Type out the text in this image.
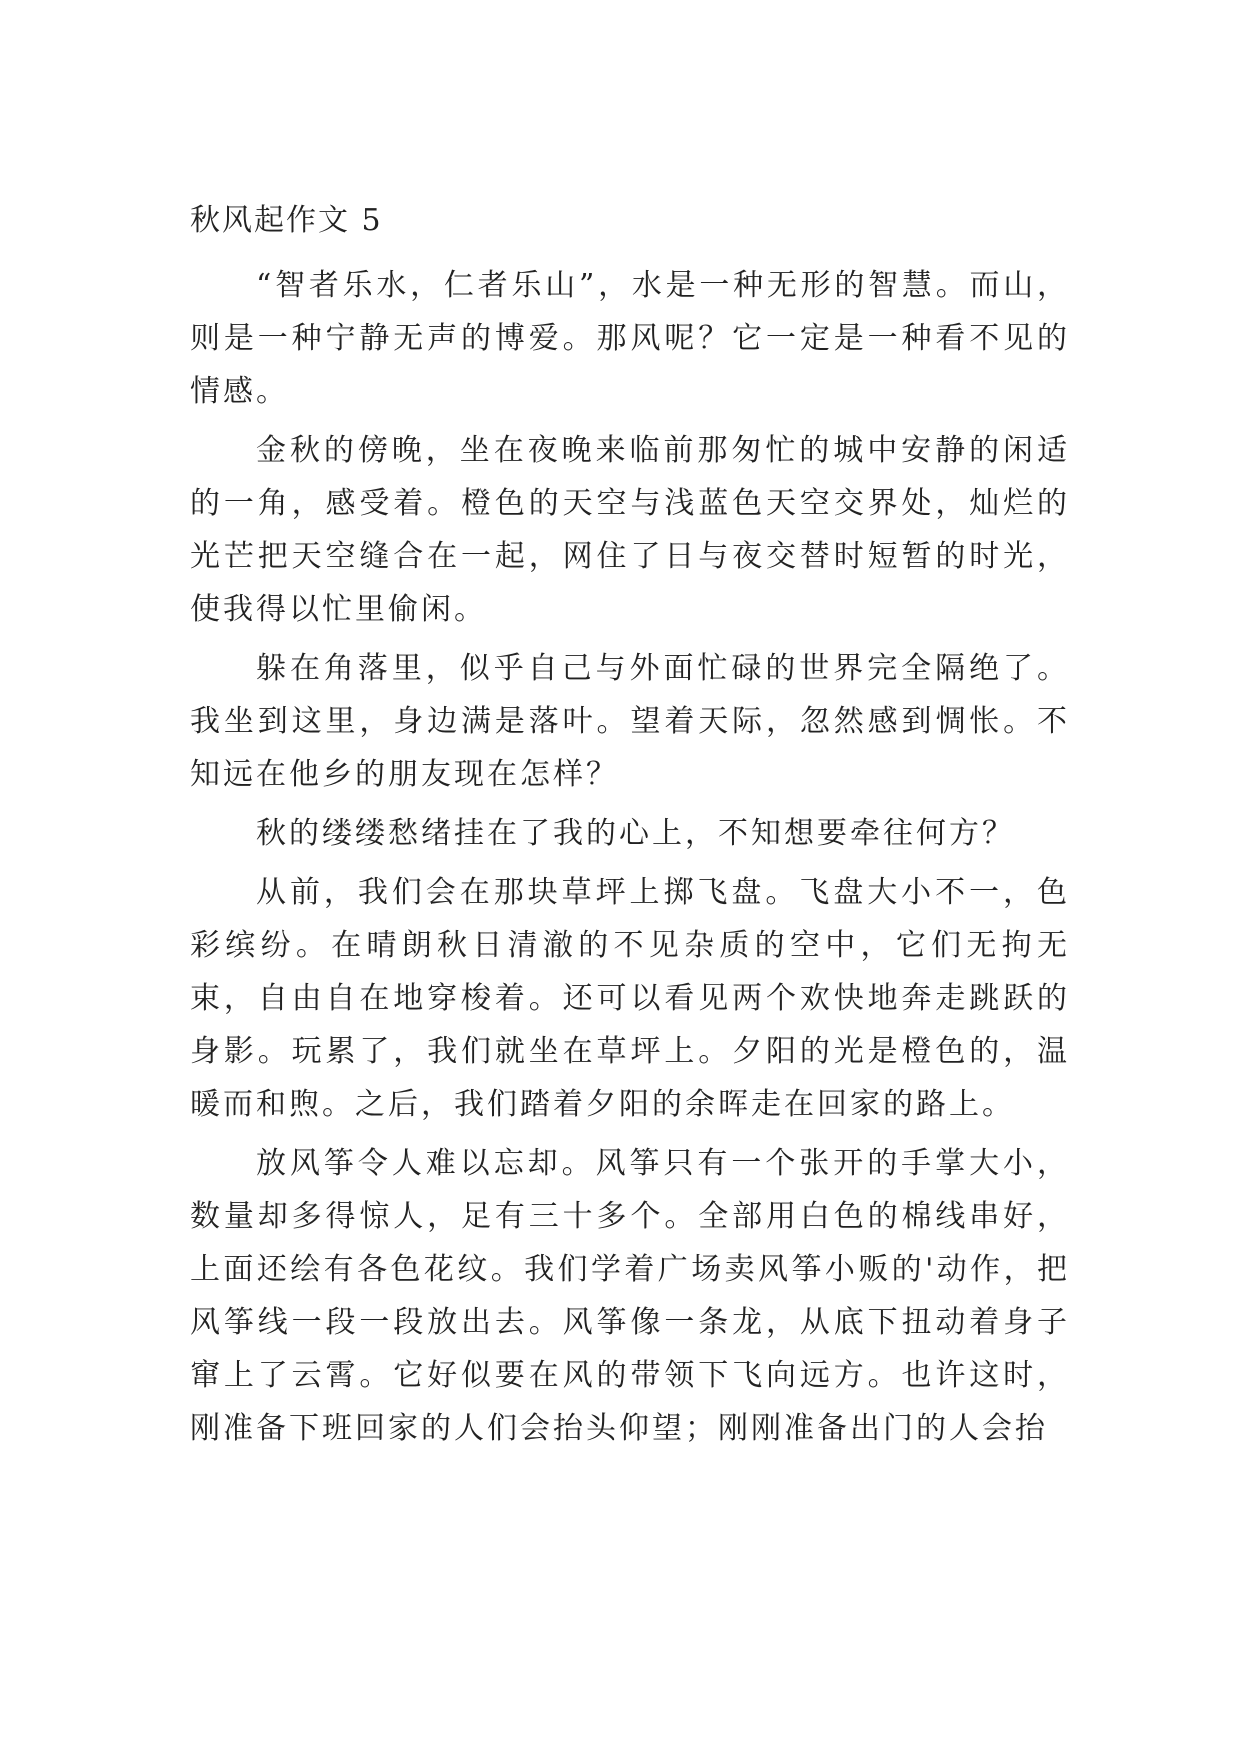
秋风起作文 5

“智者乐水，仁者乐山”，水是一种无形的智慧。而山，则是一种宁静无声的博爱。那风呢？它一定是一种看不见的情感。

金秋的傍晚，坐在夜晚来临前那匆忙的城中安静的闲适的一角，感受着。橙色的天空与浅蓝色天空交界处，灿烂的光芒把天空缝合在一起，网住了日与夜交替时短暂的时光，使我得以忙里偷闲。

躲在角落里，似乎自己与外面忙碌的世界完全隔绝了。我坐到这里，身边满是落叶。望着天际，忽然感到惆怅。不知远在他乡的朋友现在怎样？

秋的缕缕愁绪挂在了我的心上，不知想要牵往何方？

从前，我们会在那块草坪上掷飞盘。飞盘大小不一，色彩缤纷。在晴朗秋日清澈的不见杂质的空中，它们无拘无束，自由自在地穿梭着。还可以看见两个欢快地奔走跳跃的身影。玩累了，我们就坐在草坪上。夕阳的光是橙色的，温暖而和煦。之后，我们踏着夕阳的余晖走在回家的路上。

放风筝令人难以忘却。风筝只有一个张开的手掌大小，数量却多得惊人，足有三十多个。全部用白色的棉线串好，上面还绘有各色花纹。我们学着广场卖风筝小贩的'动作，把风筝线一段一段放出去。风筝像一条龙，从底下扭动着身子窜上了云霄。它好似要在风的带领下飞向远方。也许这时，刚准备下班回家的人们会抬头仰望；刚刚准备出门的人会抬
